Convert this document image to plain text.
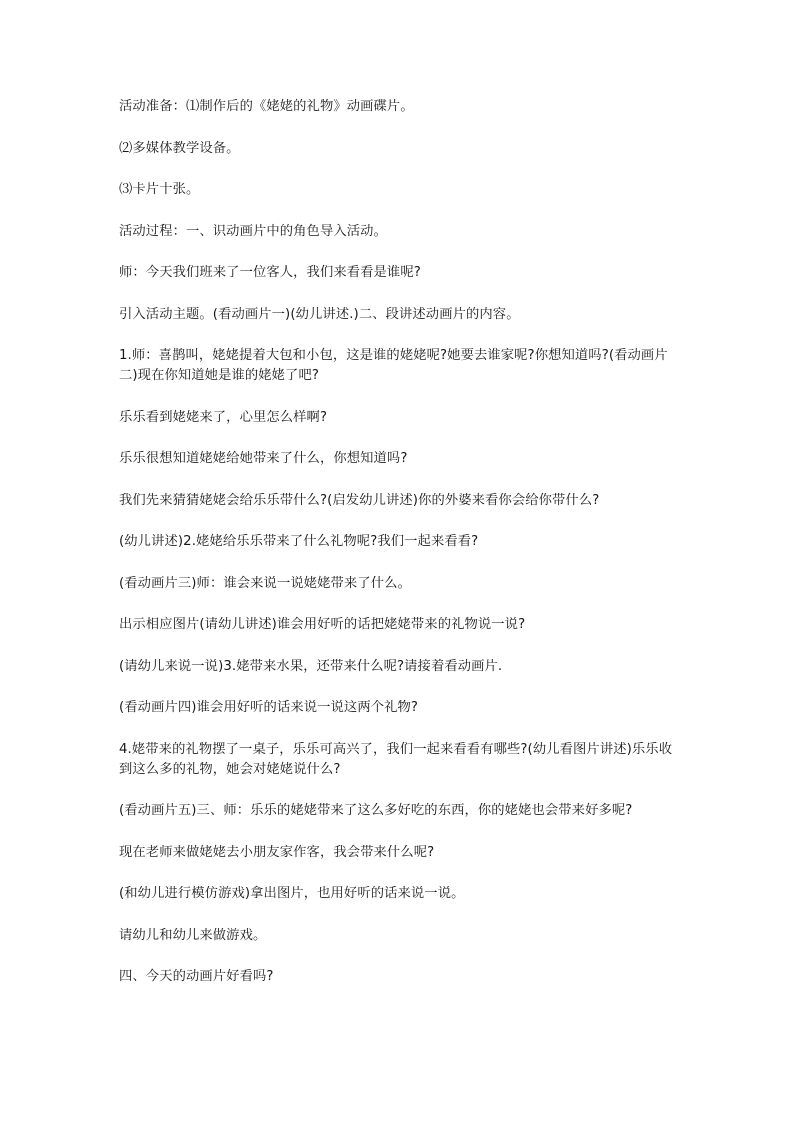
活动准备：⑴制作后的《姥姥的礼物》动画碟片。

⑵多媒体教学设备。

⑶卡片十张。

活动过程：一、识动画片中的角色导入活动。

师：今天我们班来了一位客人，我们来看看是谁呢?

引入活动主题。(看动画片一)(幼儿讲述.)二、段讲述动画片的内容。

1.师：喜鹊叫，姥姥提着大包和小包，这是谁的姥姥呢?她要去谁家呢?你想知道吗?(看动画片二)现在你知道她是谁的姥姥了吧?

乐乐看到姥姥来了，心里怎么样啊?

乐乐很想知道姥姥给她带来了什么，你想知道吗?

我们先来猜猜姥姥会给乐乐带什么?(启发幼儿讲述)你的外婆来看你会给你带什么?

(幼儿讲述)2.姥姥给乐乐带来了什么礼物呢?我们一起来看看?

(看动画片三)师：谁会来说一说姥姥带来了什么。

出示相应图片(请幼儿讲述)谁会用好听的话把姥姥带来的礼物说一说?

(请幼儿来说一说)3.姥带来水果，还带来什么呢?请接着看动画片.

(看动画片四)谁会用好听的话来说一说这两个礼物?

4.姥带来的礼物摆了一桌子，乐乐可高兴了，我们一起来看看有哪些?(幼儿看图片讲述)乐乐收到这么多的礼物，她会对姥姥说什么?

(看动画片五)三、师：乐乐的姥姥带来了这么多好吃的东西，你的姥姥也会带来好多呢?

现在老师来做姥姥去小朋友家作客，我会带来什么呢?

(和幼儿进行模仿游戏)拿出图片，也用好听的话来说一说。

请幼儿和幼儿来做游戏。

四、今天的动画片好看吗?
